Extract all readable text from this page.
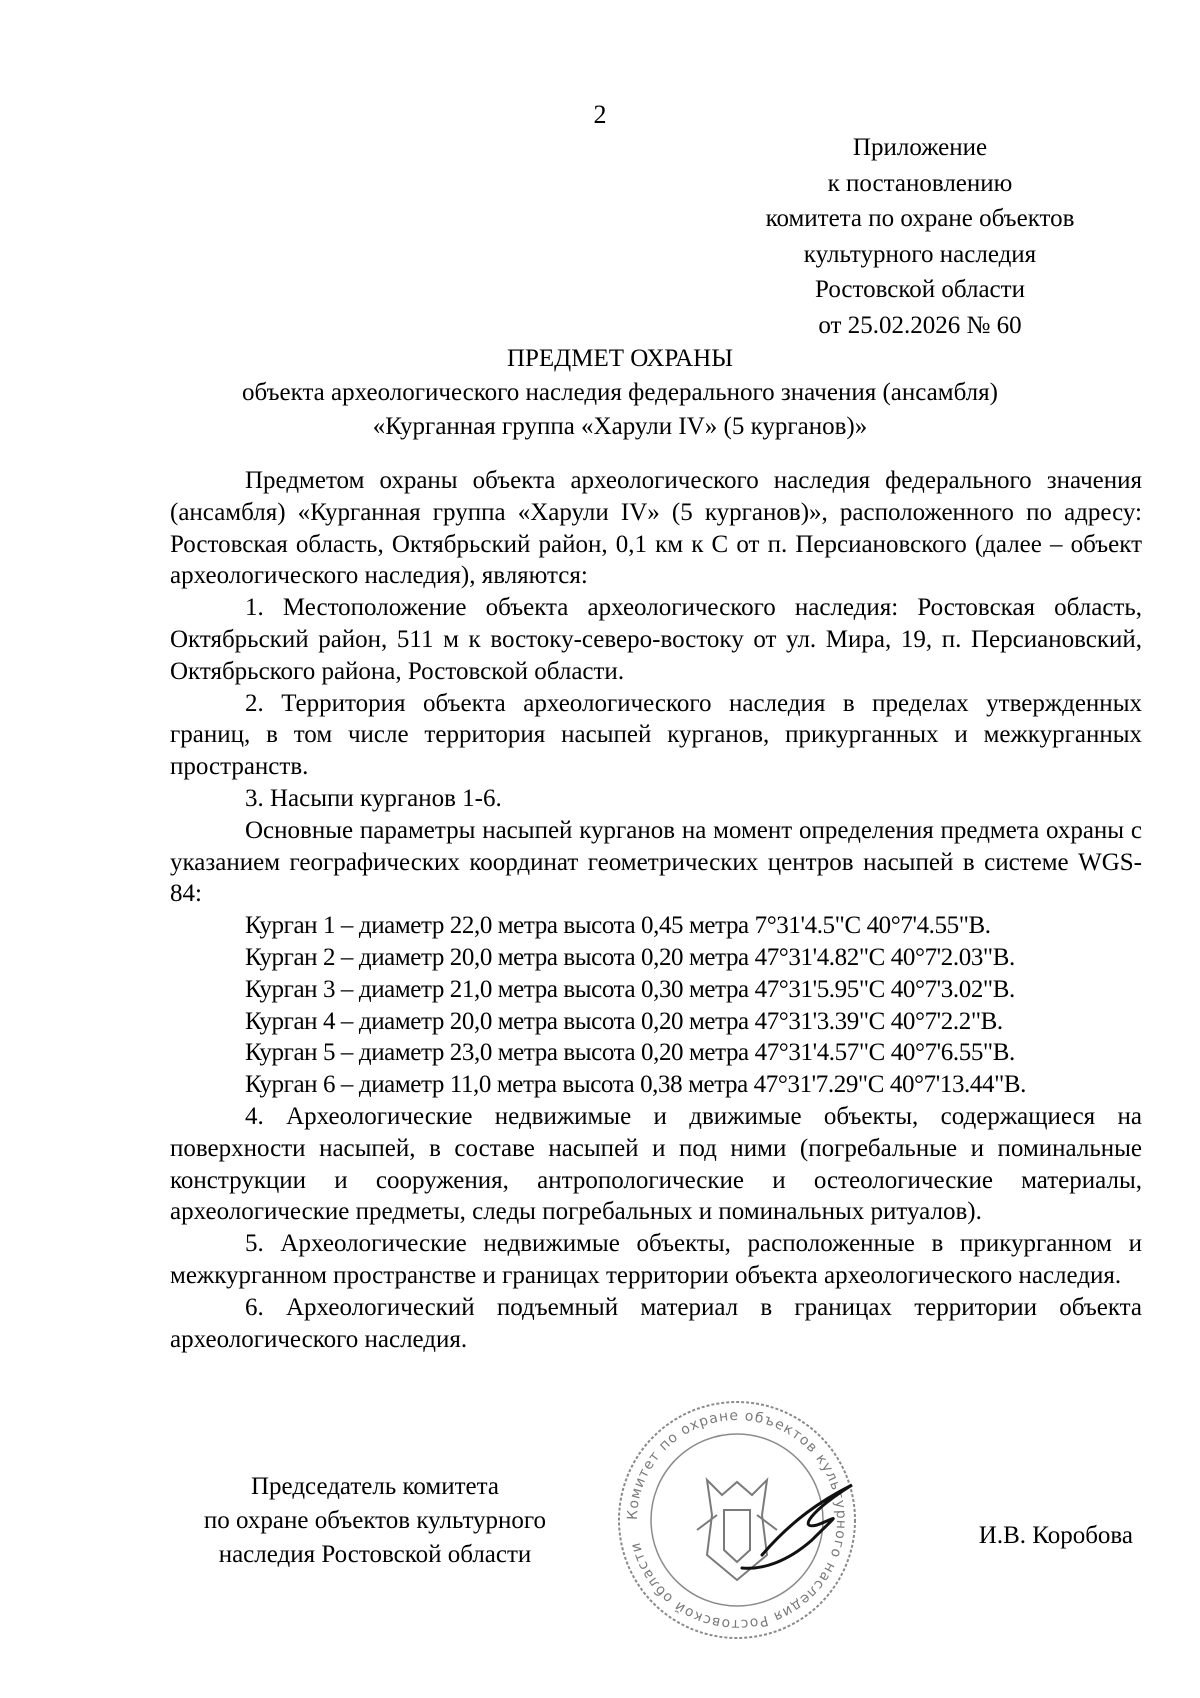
2
Приложение
к постановлению
комитета по охране объектов
культурного наследия
Ростовской области
от 25.02.2026 № 60
ПРЕДМЕТ ОХРАНЫ
объекта археологического наследия федерального значения (ансамбля)
«Курганная группа «Харули IV» (5 курганов)»

Предметом охраны объекта археологического наследия федерального значения (ансамбля) «Курганная группа «Харули IV» (5 курганов)», расположенного по адресу: Ростовская область, Октябрьский район, 0,1 км к С от п. Персиановского (далее – объект археологического наследия), являются:

1. Местоположение объекта археологического наследия: Ростовская область, Октябрьский район, 511 м к востоку-северо-востоку от ул. Мира, 19, п. Персиановский, Октябрьского района, Ростовской области.

2. Территория объекта археологического наследия в пределах утвержденных границ, в том числе территория насыпей курганов, прикурганных и межкурганных пространств.

3. Насыпи курганов 1-6.

Основные параметры насыпей курганов на момент определения предмета охраны с указанием географических координат геометрических центров насыпей в системе WGS-84:

Курган 1 – диаметр 22,0 метра высота 0,45 метра 7°31'4.5"С 40°7'4.55"В.
Курган 2 – диаметр 20,0 метра высота 0,20 метра 47°31'4.82"С 40°7'2.03"В.
Курган 3 – диаметр 21,0 метра высота 0,30 метра 47°31'5.95"С 40°7'3.02"В.
Курган 4 – диаметр 20,0 метра высота 0,20 метра 47°31'3.39"С 40°7'2.2"В.
Курган 5 – диаметр 23,0 метра высота 0,20 метра 47°31'4.57"С 40°7'6.55"В.
Курган 6 – диаметр 11,0 метра высота 0,38 метра 47°31'7.29"С 40°7'13.44"В.

4. Археологические недвижимые и движимые объекты, содержащиеся на поверхности насыпей, в составе насыпей и под ними (погребальные и поминальные конструкции и сооружения, антропологические и остеологические материалы, археологические предметы, следы погребальных и поминальных ритуалов).

5. Археологические недвижимые объекты, расположенные в прикурганном и межкурганном пространстве и границах территории объекта археологического наследия.

6. Археологический подъемный материал в границах территории объекта археологического наследия.

Комитет по охране объектов культурного наследия Ростовской области
Председатель комитета
по охране объектов культурного
наследия Ростовской области
И.В. Коробова
